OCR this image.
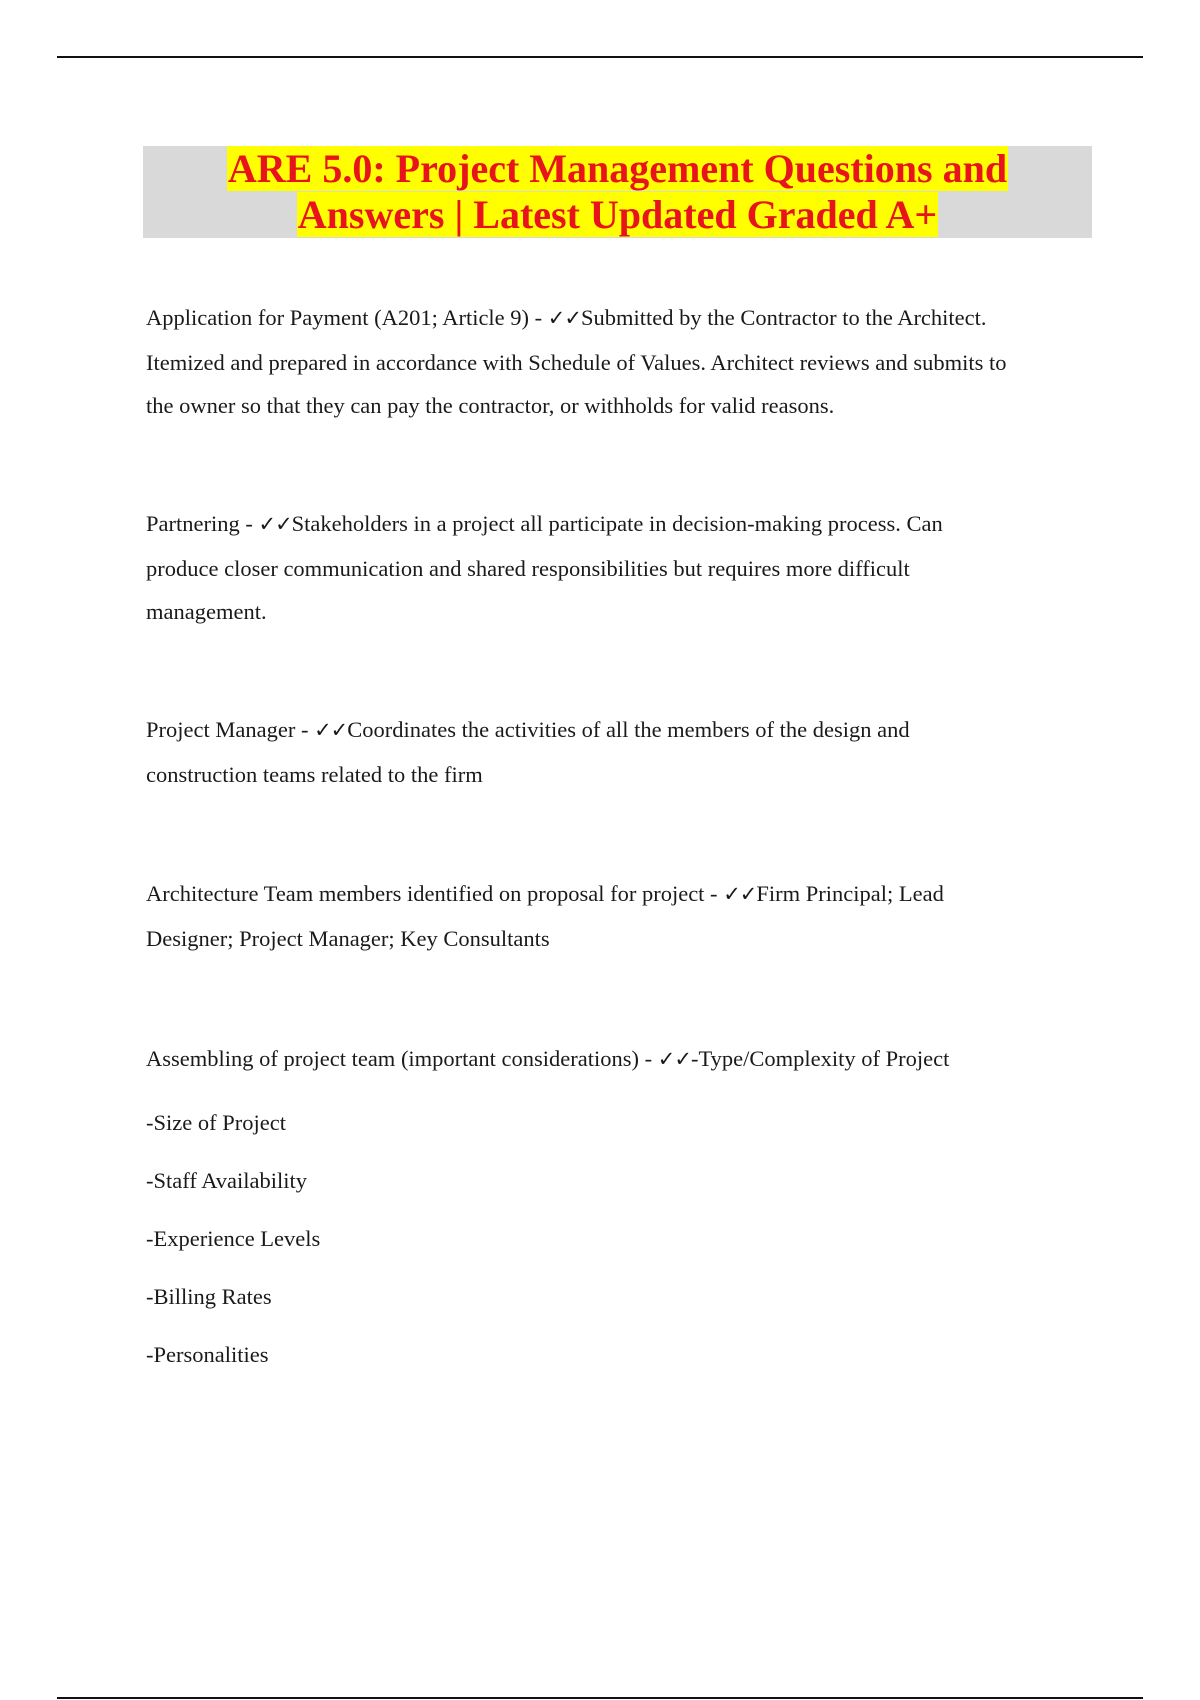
ARE 5.0: Project Management Questions and
Answers | Latest Updated Graded A+
Application for Payment (A201; Article 9) - ✓✓Submitted by the Contractor to the Architect.
Itemized and prepared in accordance with Schedule of Values. Architect reviews and submits to
the owner so that they can pay the contractor, or withholds for valid reasons.
Partnering - ✓✓Stakeholders in a project all participate in decision-making process. Can
produce closer communication and shared responsibilities but requires more difficult
management.
Project Manager - ✓✓Coordinates the activities of all the members of the design and
construction teams related to the firm
Architecture Team members identified on proposal for project - ✓✓Firm Principal; Lead
Designer; Project Manager; Key Consultants
Assembling of project team (important considerations) - ✓✓-Type/Complexity of Project
-Size of Project
-Staff Availability
-Experience Levels
-Billing Rates
-Personalities
